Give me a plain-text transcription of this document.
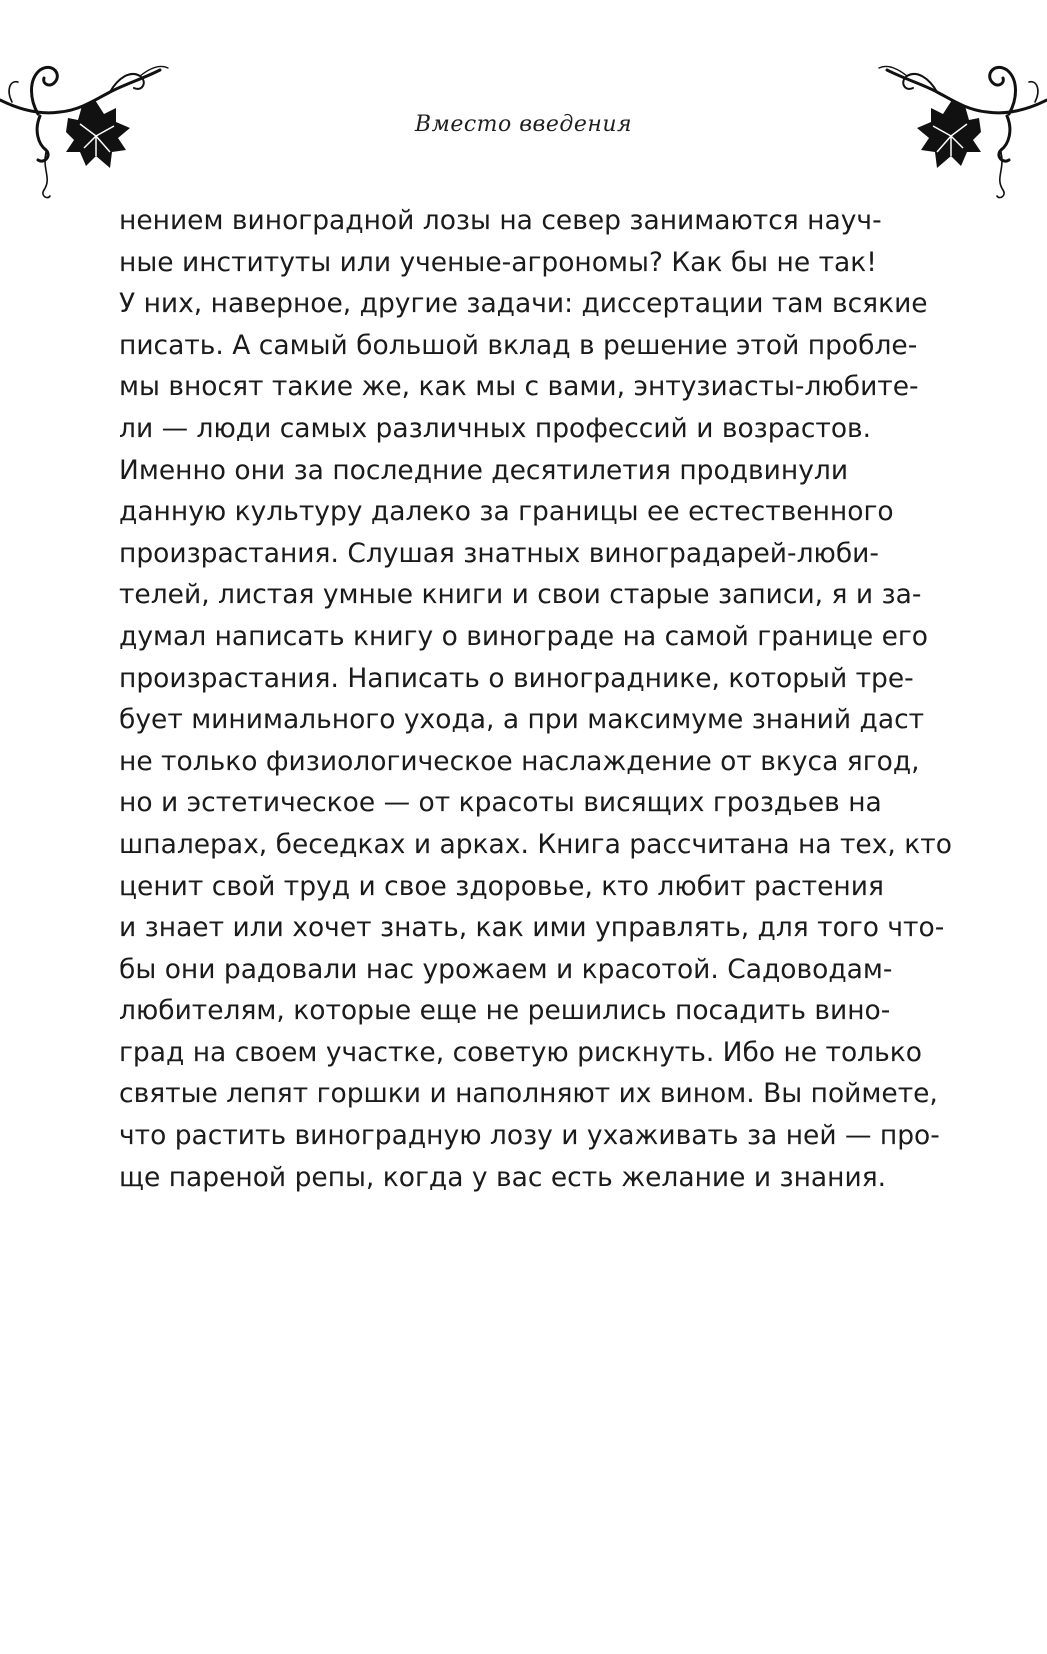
Вместо введения
нением виноградной лозы на север занимаются науч-
ные институты или ученые-агрономы? Как бы не так!
У них, наверное, другие задачи: диссертации там всякие
писать. А самый большой вклад в решение этой пробле-
мы вносят такие же, как мы с вами, энтузиасты-любите-
ли — люди самых различных профессий и возрастов.
Именно они за последние десятилетия продвинули
данную культуру далеко за границы ее естественного
произрастания. Слушая знатных виноградарей-люби-
телей, листая умные книги и свои старые записи, я и за-
думал написать книгу о винограде на самой границе его
произрастания. Написать о винограднике, который тре-
бует минимального ухода, а при максимуме знаний даст
не только физиологическое наслаждение от вкуса ягод,
но и эстетическое — от красоты висящих гроздьев на
шпалерах, беседках и арках. Книга рассчитана на тех, кто
ценит свой труд и свое здоровье, кто любит растения
и знает или хочет знать, как ими управлять, для того что-
бы они радовали нас урожаем и красотой. Садоводам-
любителям, которые еще не решились посадить вино-
град на своем участке, советую рискнуть. Ибо не только
святые лепят горшки и наполняют их вином. Вы поймете,
что растить виноградную лозу и ухаживать за ней — про-
ще пареной репы, когда у вас есть желание и знания.
